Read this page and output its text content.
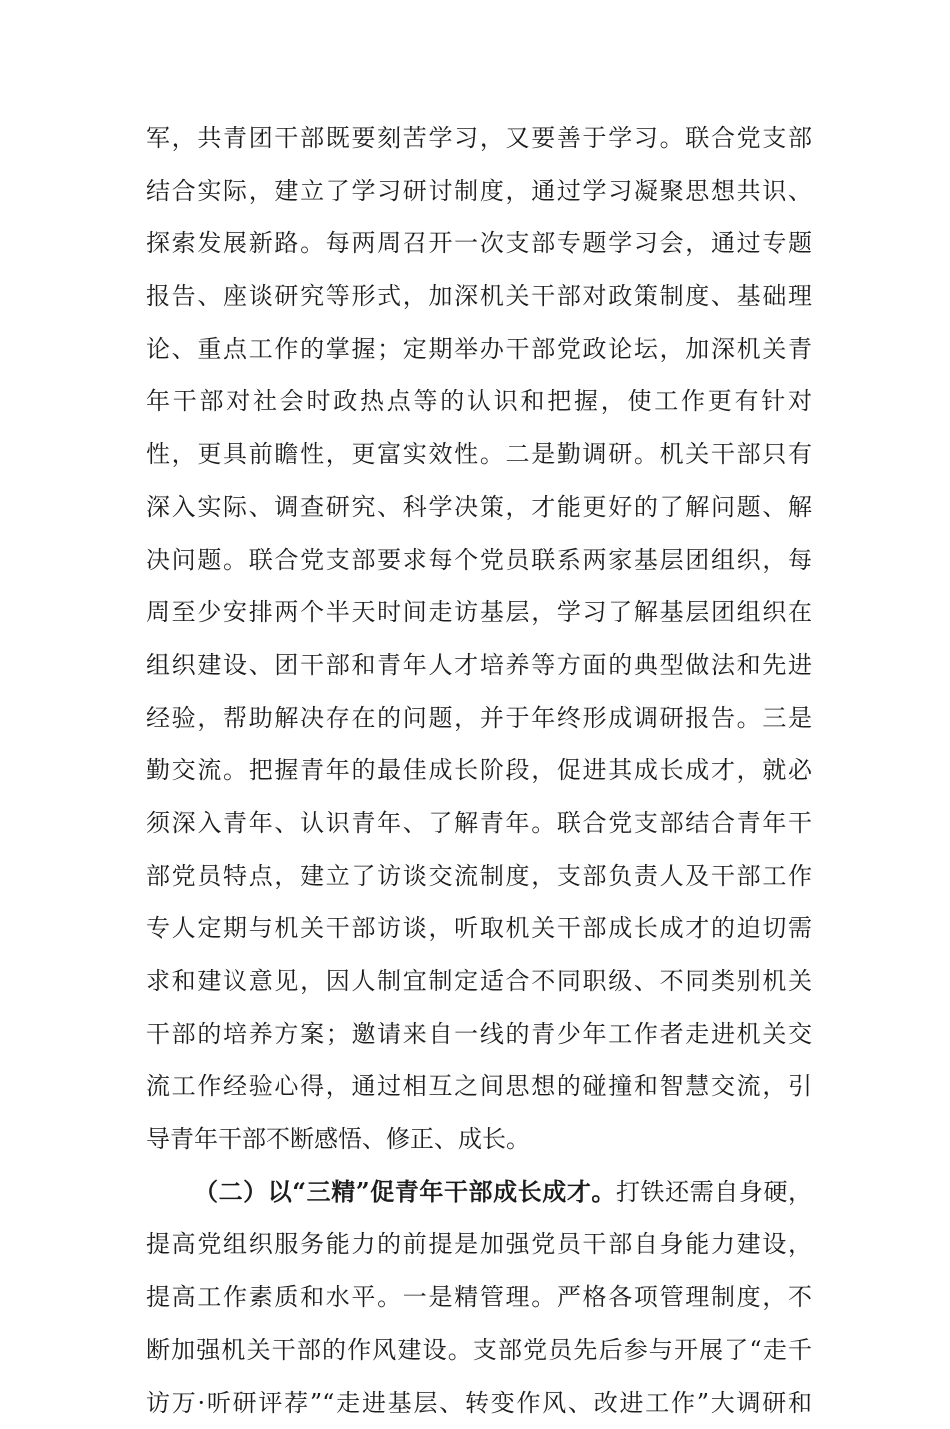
军，共青团干部既要刻苦学习，又要善于学习。联合党支部
结合实际，建立了学习研讨制度，通过学习凝聚思想共识、
探索发展新路。每两周召开一次支部专题学习会，通过专题
报告、座谈研究等形式，加深机关干部对政策制度、基础理
论、重点工作的掌握；定期举办干部党政论坛，加深机关青
年干部对社会时政热点等的认识和把握，使工作更有针对
性，更具前瞻性，更富实效性。二是勤调研。机关干部只有
深入实际、调查研究、科学决策，才能更好的了解问题、解
决问题。联合党支部要求每个党员联系两家基层团组织，每
周至少安排两个半天时间走访基层，学习了解基层团组织在
组织建设、团干部和青年人才培养等方面的典型做法和先进
经验，帮助解决存在的问题，并于年终形成调研报告。三是
勤交流。把握青年的最佳成长阶段，促进其成长成才，就必
须深入青年、认识青年、了解青年。联合党支部结合青年干
部党员特点，建立了访谈交流制度，支部负责人及干部工作
专人定期与机关干部访谈，听取机关干部成长成才的迫切需
求和建议意见，因人制宜制定适合不同职级、不同类别机关
干部的培养方案；邀请来自一线的青少年工作者走进机关交
流工作经验心得，通过相互之间思想的碰撞和智慧交流，引
导青年干部不断感悟、修正、成长。
（二）以“三精”促青年干部成长成才。打铁还需自身硬，
提高党组织服务能力的前提是加强党员干部自身能力建设，
提高工作素质和水平。一是精管理。严格各项管理制度，不
断加强机关干部的作风建设。支部党员先后参与开展了“走千
访万·听研评荐”“走进基层、转变作风、改进工作”大调研和
